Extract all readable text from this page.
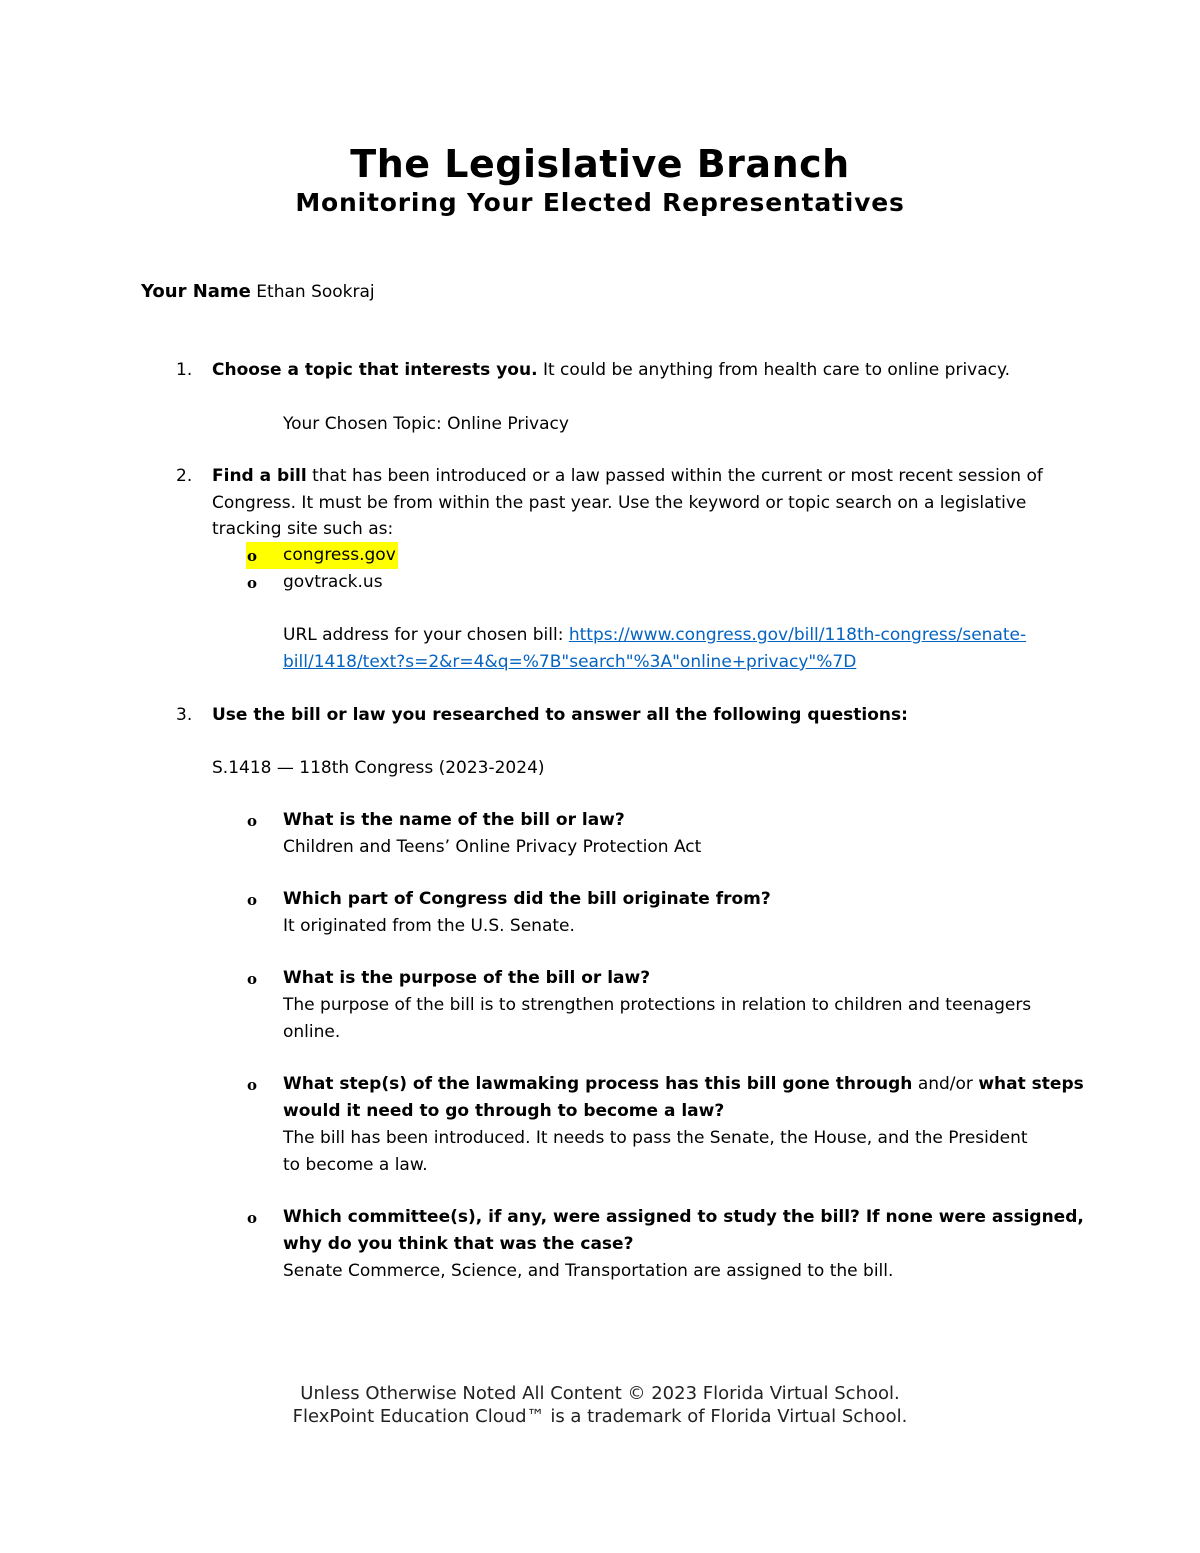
The Legislative Branch
Monitoring Your Elected Representatives
Your Name Ethan Sookraj
1. Choose a topic that interests you. It could be anything from health care to online privacy.
Your Chosen Topic: Online Privacy
2. Find a bill that has been introduced or a law passed within the current or most recent session of
Congress. It must be from within the past year. Use the keyword or topic search on a legislative
tracking site such as:
o congress.gov
o govtrack.us
URL address for your chosen bill: https://www.congress.gov/bill/118th-congress/senate-
bill/1418/text?s=2&r=4&q=%7B"search"%3A"online+privacy"%7D
3. Use the bill or law you researched to answer all the following questions:
S.1418 — 118th Congress (2023-2024)
o What is the name of the bill or law?
Children and Teens’ Online Privacy Protection Act
o Which part of Congress did the bill originate from?
It originated from the U.S. Senate.
o What is the purpose of the bill or law?
The purpose of the bill is to strengthen protections in relation to children and teenagers
online.
o What step(s) of the lawmaking process has this bill gone through and/or what steps
would it need to go through to become a law?
The bill has been introduced. It needs to pass the Senate, the House, and the President
to become a law.
o Which committee(s), if any, were assigned to study the bill? If none were assigned,
why do you think that was the case?
Senate Commerce, Science, and Transportation are assigned to the bill.
Unless Otherwise Noted All Content © 2023 Florida Virtual School.
FlexPoint Education Cloud™ is a trademark of Florida Virtual School.
